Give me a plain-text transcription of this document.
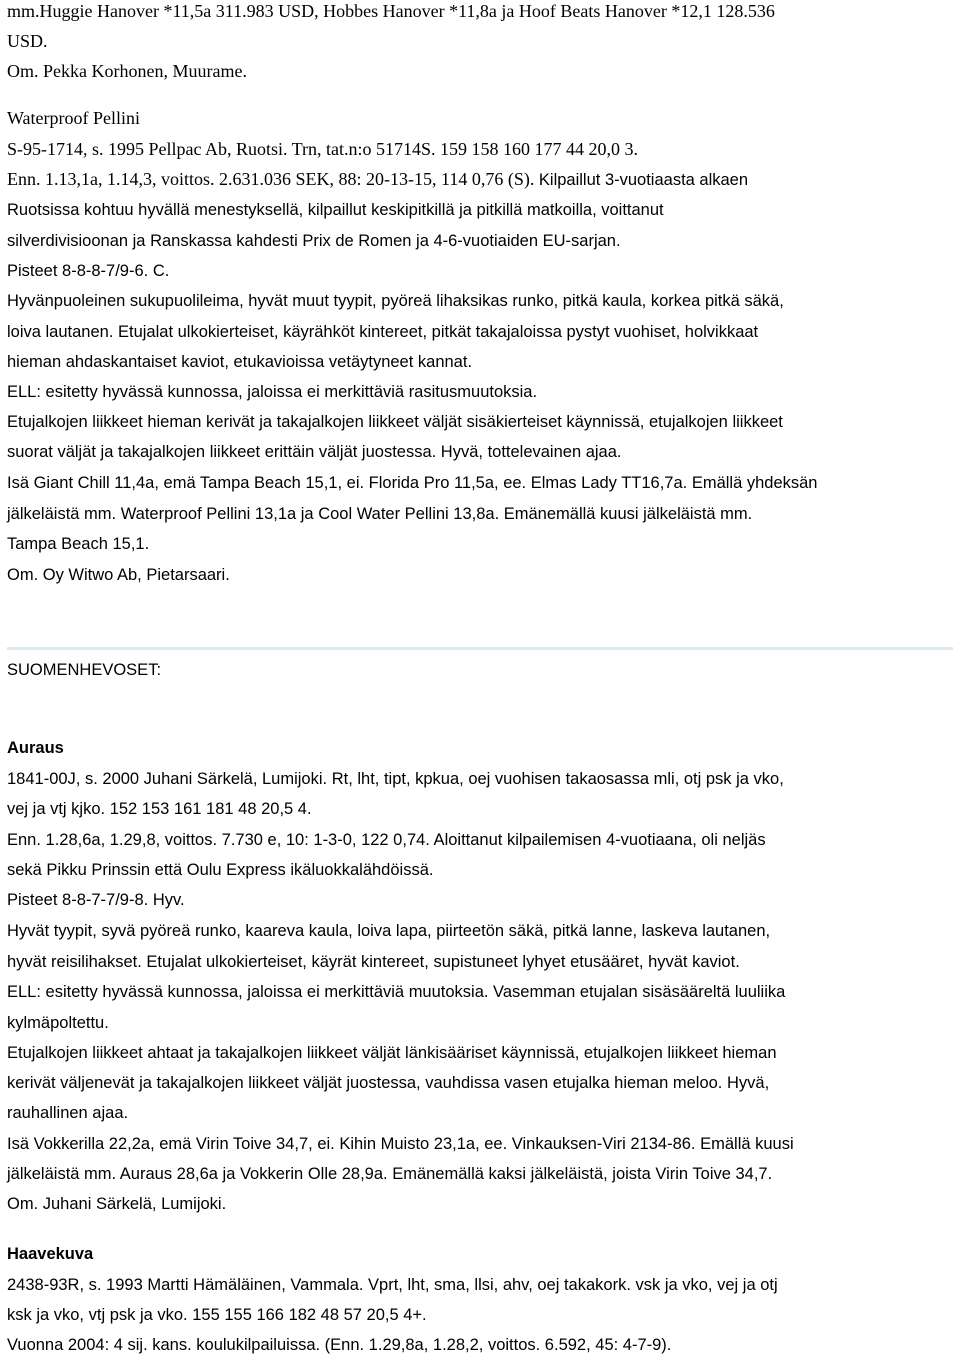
mm.Huggie Hanover *11,5a 311.983 USD, Hobbes Hanover *11,8a ja Hoof Beats Hanover *12,1 128.536
USD.
Om. Pekka Korhonen, Muurame.
Waterproof Pellini
S-95-1714, s. 1995 Pellpac Ab, Ruotsi. Trn, tat.n:o 51714S. 159 158 160 177 44 20,0 3.
Enn. 1.13,1a, 1.14,3, voittos. 2.631.036 SEK, 88: 20-13-15, 114 0,76 (S). Kilpaillut 3-vuotiaasta alkaen
Ruotsissa kohtuu hyvällä menestyksellä, kilpaillut keskipitkillä ja pitkillä matkoilla, voittanut
silverdivisioonan ja Ranskassa kahdesti Prix de Romen ja 4-6-vuotiaiden EU-sarjan.
Pisteet 8-8-8-7/9-6. C.
Hyvänpuoleinen sukupuolileima, hyvät muut tyypit, pyöreä lihaksikas runko, pitkä kaula, korkea pitkä säkä,
loiva lautanen. Etujalat ulkokierteiset, käyrähköt kintereet, pitkät takajaloissa pystyt vuohiset, holvikkaat
hieman ahdaskantaiset kaviot, etukavioissa vetäytyneet kannat.
ELL: esitetty hyvässä kunnossa, jaloissa ei merkittäviä rasitusmuutoksia.
Etujalkojen liikkeet hieman kerivät ja takajalkojen liikkeet väljät sisäkierteiset käynnissä, etujalkojen liikkeet
suorat väljät ja takajalkojen liikkeet erittäin väljät juostessa. Hyvä, tottelevainen ajaa.
Isä Giant Chill 11,4a, emä Tampa Beach 15,1, ei. Florida Pro 11,5a, ee. Elmas Lady TT16,7a. Emällä yhdeksän
jälkeläistä mm. Waterproof Pellini 13,1a ja Cool Water Pellini 13,8a. Emänemällä kuusi jälkeläistä mm.
Tampa Beach 15,1.
Om. Oy Witwo Ab, Pietarsaari.
SUOMENHEVOSET:
Auraus
1841-00J, s. 2000 Juhani Särkelä, Lumijoki. Rt, lht, tipt, kpkua, oej vuohisen takaosassa mli, otj psk ja vko,
vej ja vtj kjko. 152 153 161 181 48 20,5 4.
Enn. 1.28,6a, 1.29,8, voittos. 7.730 e, 10: 1-3-0, 122 0,74. Aloittanut kilpailemisen 4-vuotiaana, oli neljäs
sekä Pikku Prinssin että Oulu Express ikäluokkalähdöissä.
Pisteet 8-8-7-7/9-8. Hyv.
Hyvät tyypit, syvä pyöreä runko, kaareva kaula, loiva lapa, piirteetön säkä, pitkä lanne, laskeva lautanen,
hyvät reisilihakset. Etujalat ulkokierteiset, käyrät kintereet, supistuneet lyhyet etusääret, hyvät kaviot.
ELL: esitetty hyvässä kunnossa, jaloissa ei merkittäviä muutoksia. Vasemman etujalan sisäsääreltä luuliika
kylmäpoltettu.
Etujalkojen liikkeet ahtaat ja takajalkojen liikkeet väljät länkisääriset käynnissä, etujalkojen liikkeet hieman
kerivät väljenevät ja takajalkojen liikkeet väljät juostessa, vauhdissa vasen etujalka hieman meloo. Hyvä,
rauhallinen ajaa.
Isä Vokkerilla 22,2a, emä Virin Toive 34,7, ei. Kihin Muisto 23,1a, ee. Vinkauksen-Viri 2134-86. Emällä kuusi
jälkeläistä mm. Auraus 28,6a ja Vokkerin Olle 28,9a. Emänemällä kaksi jälkeläistä, joista Virin Toive 34,7.
Om. Juhani Särkelä, Lumijoki.
Haavekuva
2438-93R, s. 1993 Martti Hämäläinen, Vammala. Vprt, lht, sma, llsi, ahv, oej takakork. vsk ja vko, vej ja otj
ksk ja vko, vtj psk ja vko. 155 155 166 182 48 57 20,5 4+.
Vuonna 2004: 4 sij. kans. koulukilpailuissa. (Enn. 1.29,8a, 1.28,2, voittos. 6.592, 45: 4-7-9).
